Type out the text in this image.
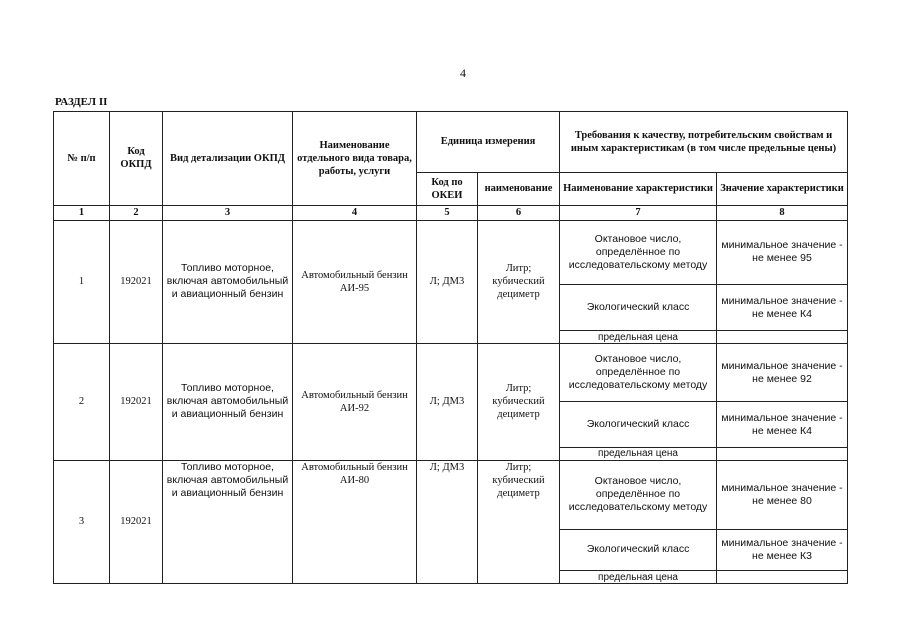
4
РАЗДЕЛ II
№ п/п	Код ОКПД	Вид детализации ОКПД	Наименование отдельного вида товара, работы, услуги	Единица измерения		Требования к качеству, потребительским свойствам и иным характеристикам (в том числе предельные цены)	
				Код по ОКЕИ	наименование	Наименование характеристики	Значение характеристики
1	2	3	4	5	6	7	8
1	192021	Топливо моторное, включая автомобильный и авиационный бензин	Автомобильный бензин АИ-95	Л; ДМ3	Литр; кубический дециметр	Октановое число, определённое по исследовательскому методу	минимальное значение - не менее 95
						Экологический класс	минимальное значение - не менее К4
						предельная цена	
2	192021	Топливо моторное, включая автомобильный и авиационный бензин	Автомобильный бензин АИ-92	Л; ДМ3	Литр; кубический дециметр	Октановое число, определённое по исследовательскому методу	минимальное значение - не менее 92
						Экологический класс	минимальное значение - не менее К4
						предельная цена	
3	192021	Топливо моторное, включая автомобильный и авиационный бензин	Автомобильный бензин АИ-80	Л; ДМ3	Литр; кубический дециметр	Октановое число, определённое по исследовательскому методу	минимальное значение - не менее 80
						Экологический класс	минимальное значение - не менее К3
						предельная цена	
